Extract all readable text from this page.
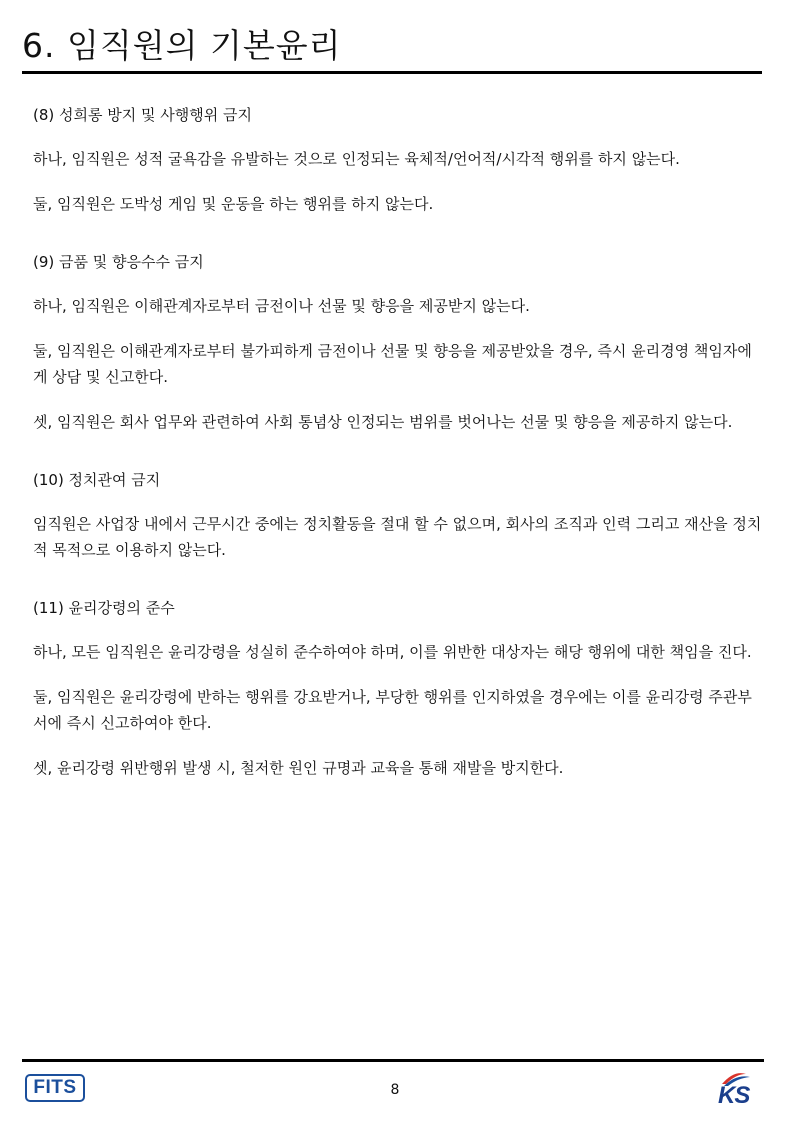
6. 임직원의 기본윤리

(8) 성희롱 방지 및 사행행위 금지

하나, 임직원은 성적 굴욕감을 유발하는 것으로 인정되는 육체적/언어적/시각적 행위를 하지 않는다.

둘, 임직원은 도박성 게임 및 운동을 하는 행위를 하지 않는다.

(9) 금품 및 향응수수 금지

하나, 임직원은 이해관계자로부터 금전이나 선물 및 향응을 제공받지 않는다.

둘, 임직원은 이해관계자로부터 불가피하게 금전이나 선물 및 향응을 제공받았을 경우, 즉시 윤리경영 책임자에게 상담 및 신고한다.

셋, 임직원은 회사 업무와 관련하여 사회 통념상 인정되는 범위를 벗어나는 선물 및 향응을 제공하지 않는다.

(10) 정치관여 금지

임직원은 사업장 내에서 근무시간 중에는 정치활동을 절대 할 수 없으며, 회사의 조직과 인력 그리고 재산을 정치적 목적으로 이용하지 않는다.

(11) 윤리강령의 준수

하나, 모든 임직원은 윤리강령을 성실히 준수하여야 하며, 이를 위반한 대상자는 해당 행위에 대한 책임을 진다.

둘, 임직원은 윤리강령에 반하는 행위를 강요받거나, 부당한 행위를 인지하였을 경우에는 이를 윤리강령 주관부서에 즉시 신고하여야 한다.

셋, 윤리강령 위반행위 발생 시, 철저한 원인 규명과 교육을 통해 재발을 방지한다.

FITS	8	KS
